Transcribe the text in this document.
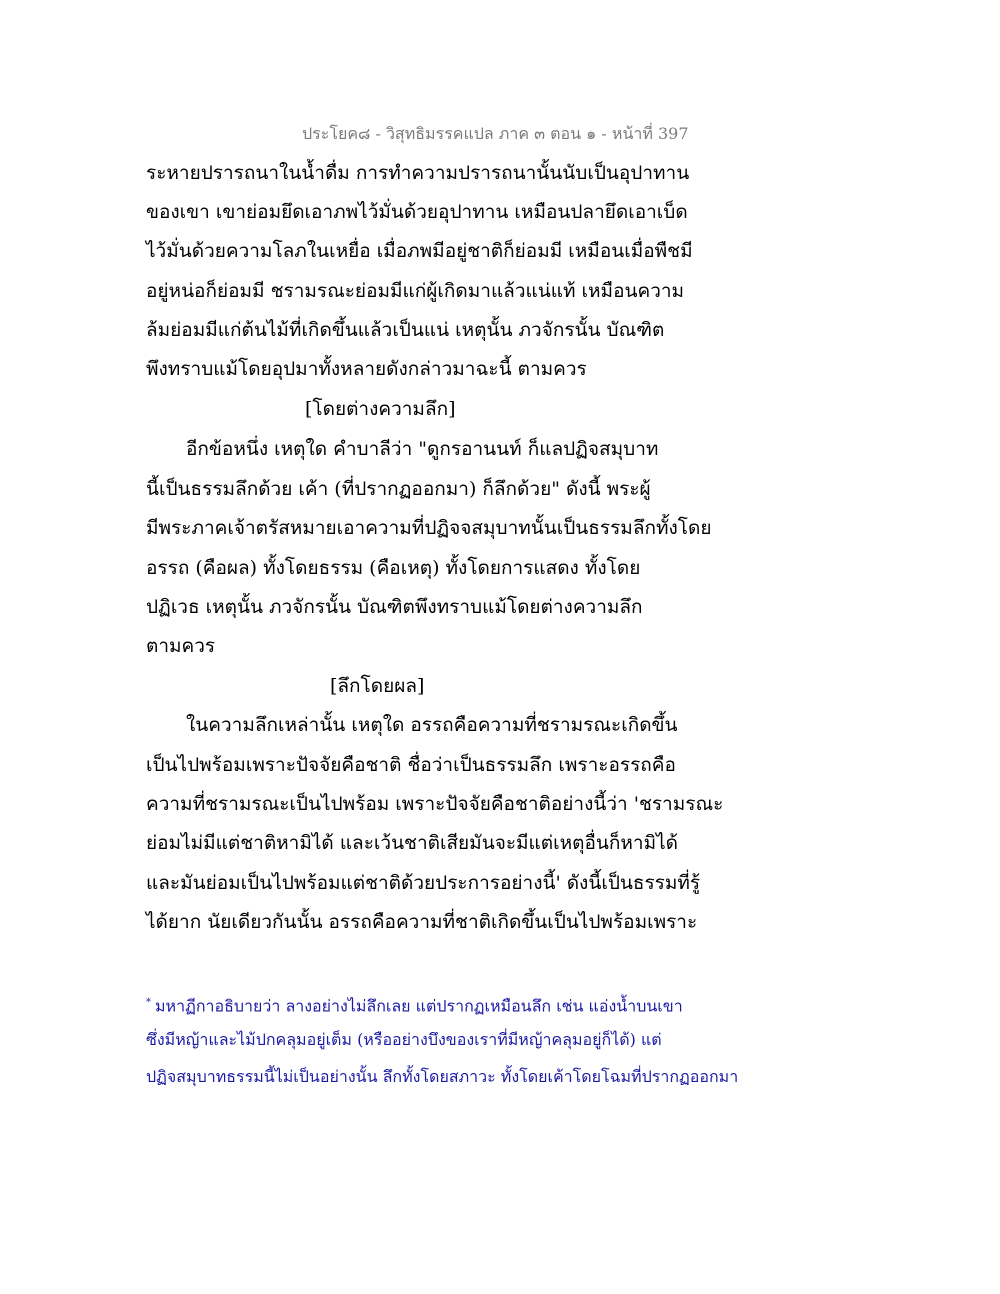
ประโยค๘ - วิสุทธิมรรคแปล ภาค ๓ ตอน ๑ - หน้าที่ 397
ระหายปรารถนาในน้ำดื่ม การทำความปรารถนานั้นนับเป็นอุปาทาน
ของเขา เขาย่อมยึดเอาภพไว้มั่นด้วยอุปาทาน เหมือนปลายึดเอาเบ็ด
ไว้มั่นด้วยความโลภในเหยื่อ เมื่อภพมีอยู่ชาติก็ย่อมมี เหมือนเมื่อพืชมี
อยู่หน่อก็ย่อมมี ชรามรณะย่อมมีแก่ผู้เกิดมาแล้วแน่แท้ เหมือนความ
ล้มย่อมมีแก่ต้นไม้ที่เกิดขึ้นแล้วเป็นแน่ เหตุนั้น ภวจักรนั้น บัณฑิต
พึงทราบแม้โดยอุปมาทั้งหลายดังกล่าวมาฉะนี้ ตามควร
[โดยต่างความลึก]
อีกข้อหนึ่ง เหตุใด คำบาลีว่า "ดูกรอานนท์ ก็แลปฏิจสมุบาท
นี้เป็นธรรมลึกด้วย เค้า (ที่ปรากฏออกมา) ก็ลึกด้วย" ดังนี้ พระผู้
มีพระภาคเจ้าตรัสหมายเอาความที่ปฏิจจสมุบาทนั้นเป็นธรรมลึกทั้งโดย
อรรถ (คือผล) ทั้งโดยธรรม (คือเหตุ) ทั้งโดยการแสดง ทั้งโดย
ปฏิเวธ เหตุนั้น ภวจักรนั้น บัณฑิตพึงทราบแม้โดยต่างความลึก
ตามควร
[ลึกโดยผล]
ในความลึกเหล่านั้น เหตุใด อรรถคือความที่ชรามรณะเกิดขึ้น
เป็นไปพร้อมเพราะปัจจัยคือชาติ ชื่อว่าเป็นธรรมลึก เพราะอรรถคือ
ความที่ชรามรณะเป็นไปพร้อม เพราะปัจจัยคือชาติอย่างนี้ว่า 'ชรามรณะ
ย่อมไม่มีแต่ชาติหามิได้ และเว้นชาติเสียมันจะมีแต่เหตุอื่นก็หามิได้
และมันย่อมเป็นไปพร้อมแต่ชาติด้วยประการอย่างนี้' ดังนี้เป็นธรรมที่รู้
ได้ยาก นัยเดียวกันนั้น อรรถคือความที่ชาติเกิดขึ้นเป็นไปพร้อมเพราะ
* มหาฏีกาอธิบายว่า ลางอย่างไม่ลึกเลย แต่ปรากฏเหมือนลึก เช่น แอ่งน้ำบนเขา
ซึ่งมีหญ้าและไม้ปกคลุมอยู่เต็ม (หรืออย่างบึงของเราที่มีหญ้าคลุมอยู่ก็ได้) แต่
ปฏิจสมุบาทธรรมนี้ไม่เป็นอย่างนั้น ลึกทั้งโดยสภาวะ ทั้งโดยเค้าโดยโฉมที่ปรากฏออกมา
